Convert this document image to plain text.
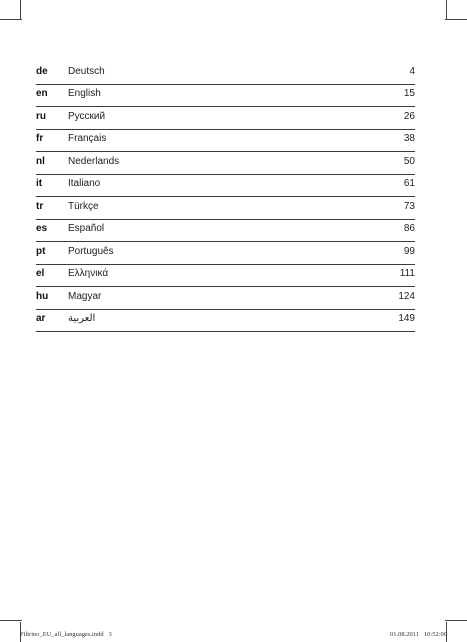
de Deutsch	4
en English	15
ru Русский	26
fr Français	38
nl Nederlands	50
it	Italiano	61
tr Türkçe	73
es Español	86
pt Português	99
el Ελληνικά	111
hu Magyar	124
ar العربية	149
Filtrino_EU_all_languages.indd   3	01.08.2011   10:52:06
